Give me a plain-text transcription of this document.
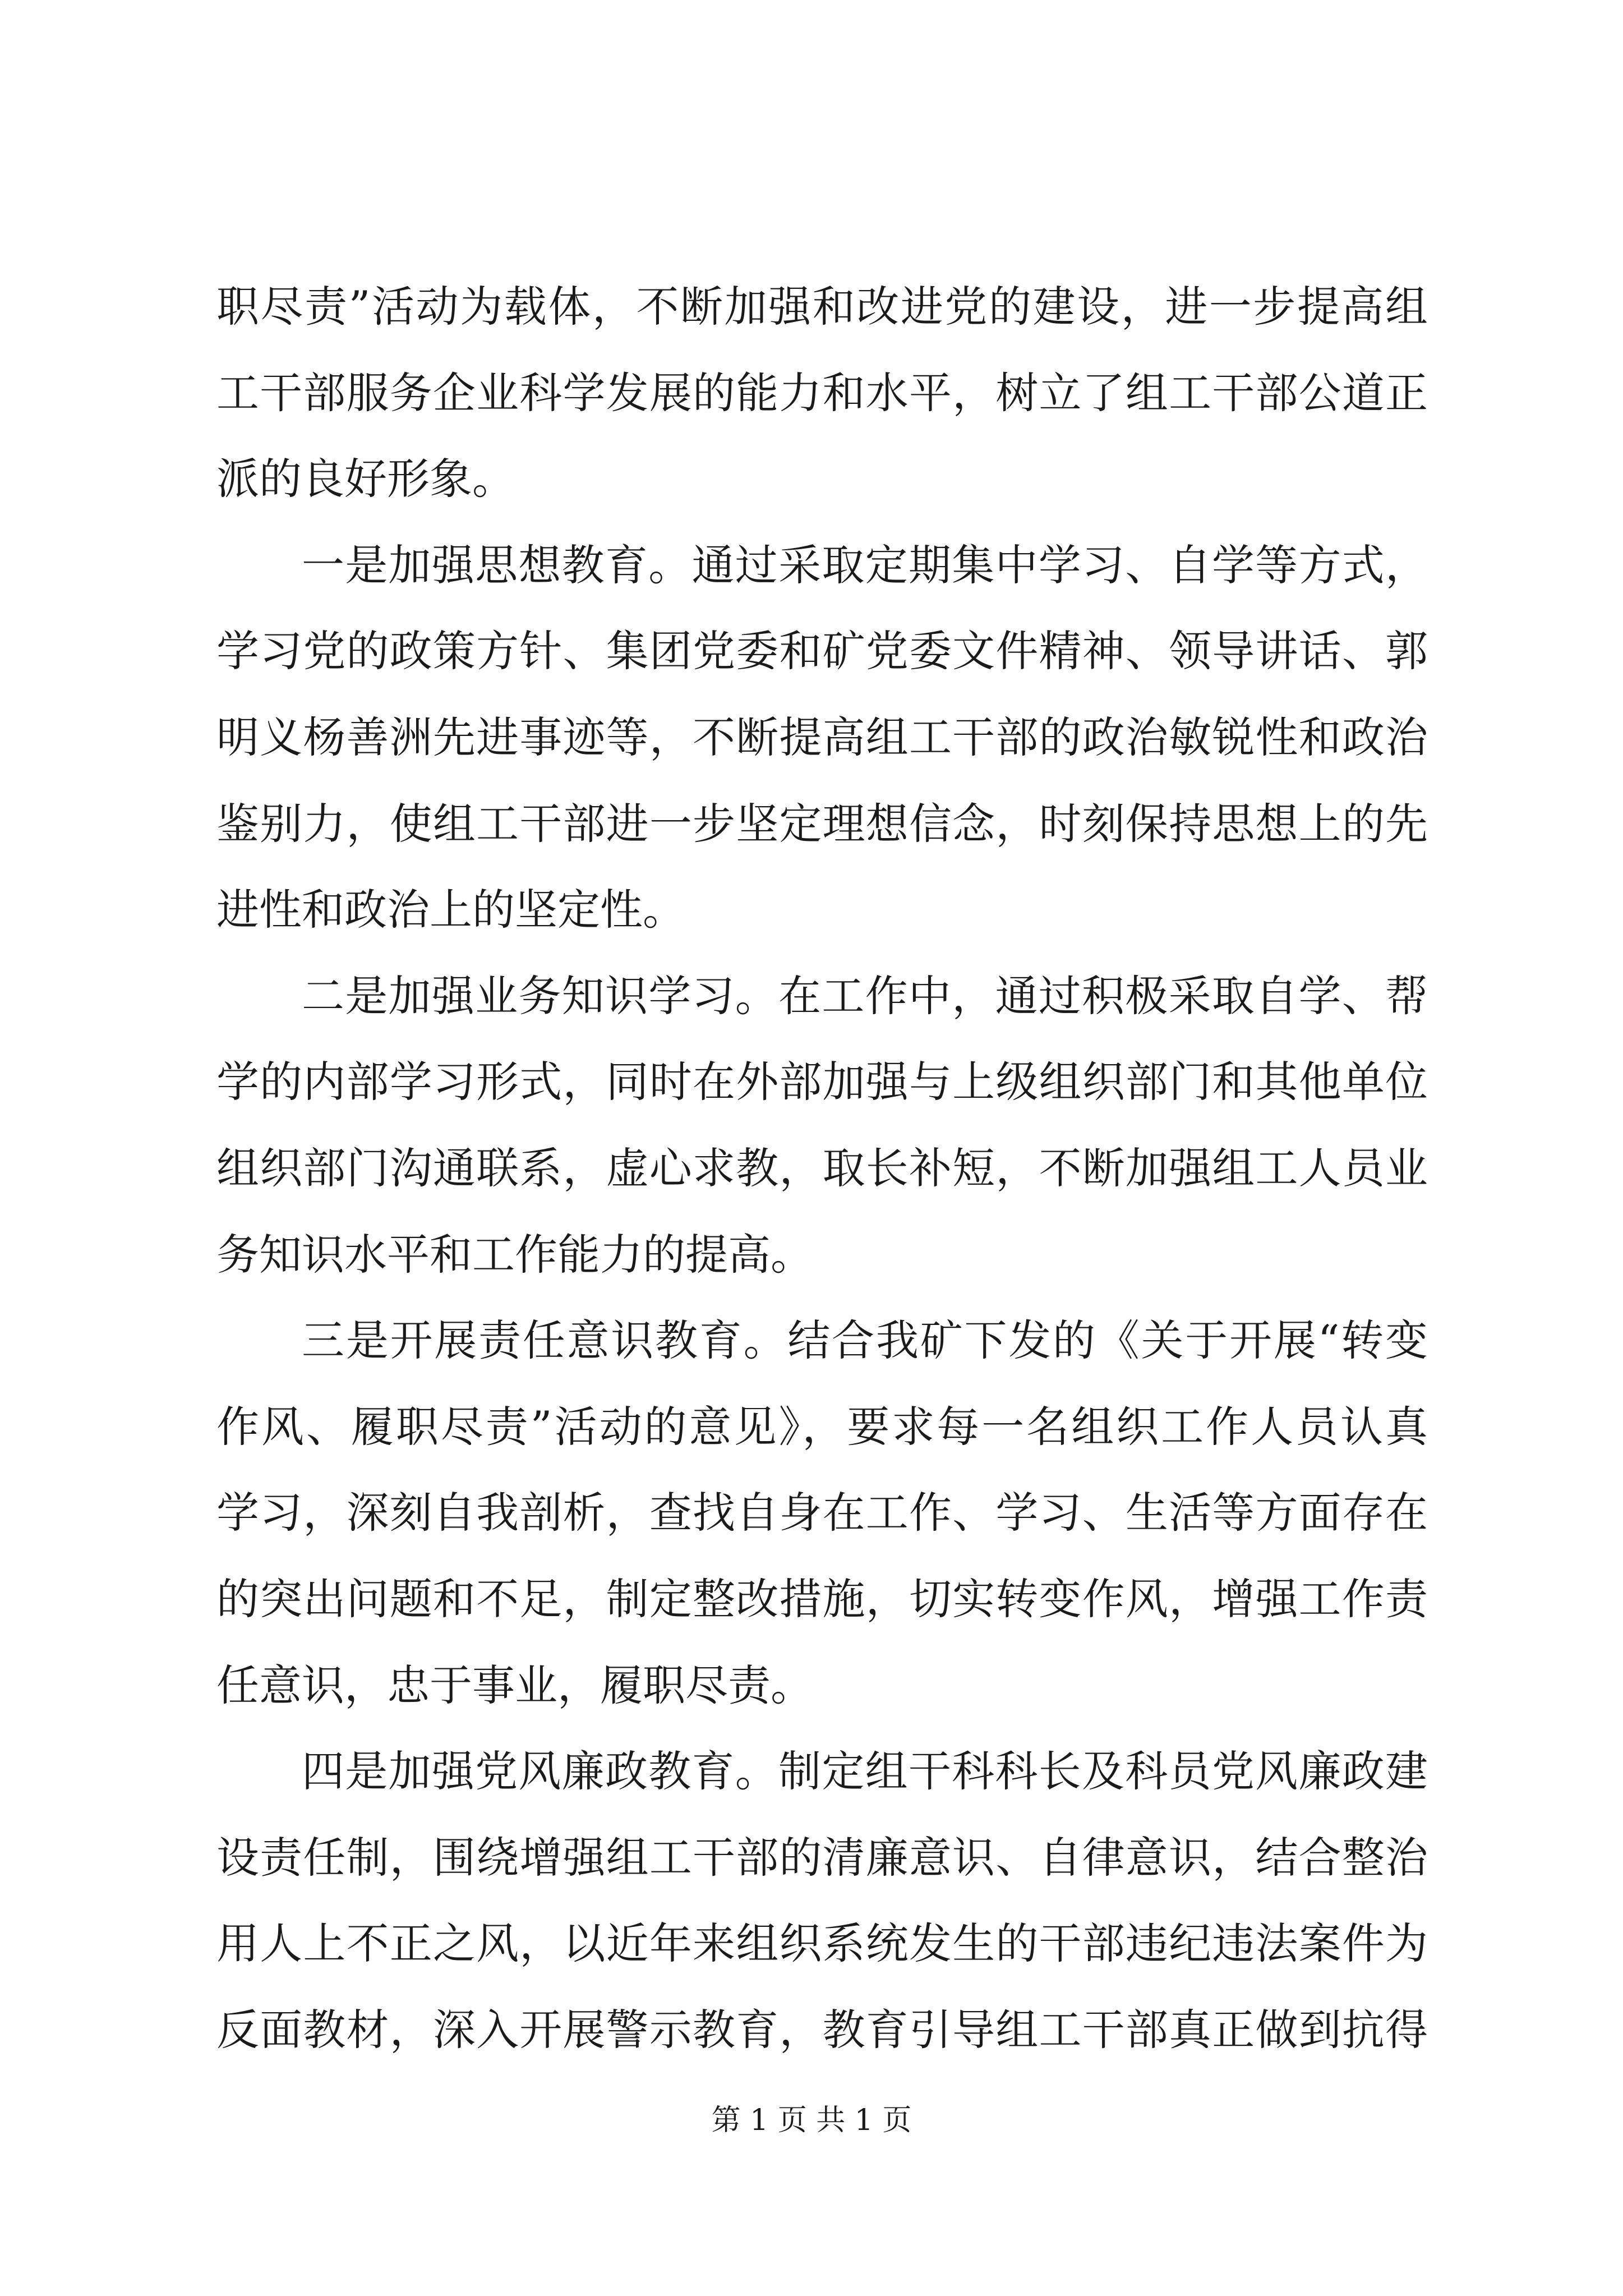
职尽责”活动为载体，不断加强和改进党的建设，进一步提高组
工干部服务企业科学发展的能力和水平，树立了组工干部公道正
派的良好形象。
一是加强思想教育。通过采取定期集中学习、自学等方式，
学习党的政策方针、集团党委和矿党委文件精神、领导讲话、郭
明义杨善洲先进事迹等，不断提高组工干部的政治敏锐性和政治
鉴别力，使组工干部进一步坚定理想信念，时刻保持思想上的先
进性和政治上的坚定性。
二是加强业务知识学习。在工作中，通过积极采取自学、帮
学的内部学习形式，同时在外部加强与上级组织部门和其他单位
组织部门沟通联系，虚心求教，取长补短，不断加强组工人员业
务知识水平和工作能力的提高。
三是开展责任意识教育。结合我矿下发的《关于开展“转变
作风、履职尽责”活动的意见》，要求每一名组织工作人员认真
学习，深刻自我剖析，查找自身在工作、学习、生活等方面存在
的突出问题和不足，制定整改措施，切实转变作风，增强工作责
任意识，忠于事业，履职尽责。
四是加强党风廉政教育。制定组干科科长及科员党风廉政建
设责任制，围绕增强组工干部的清廉意识、自律意识，结合整治
用人上不正之风，以近年来组织系统发生的干部违纪违法案件为
反面教材，深入开展警示教育，教育引导组工干部真正做到抗得
第 1 页 共 1 页
